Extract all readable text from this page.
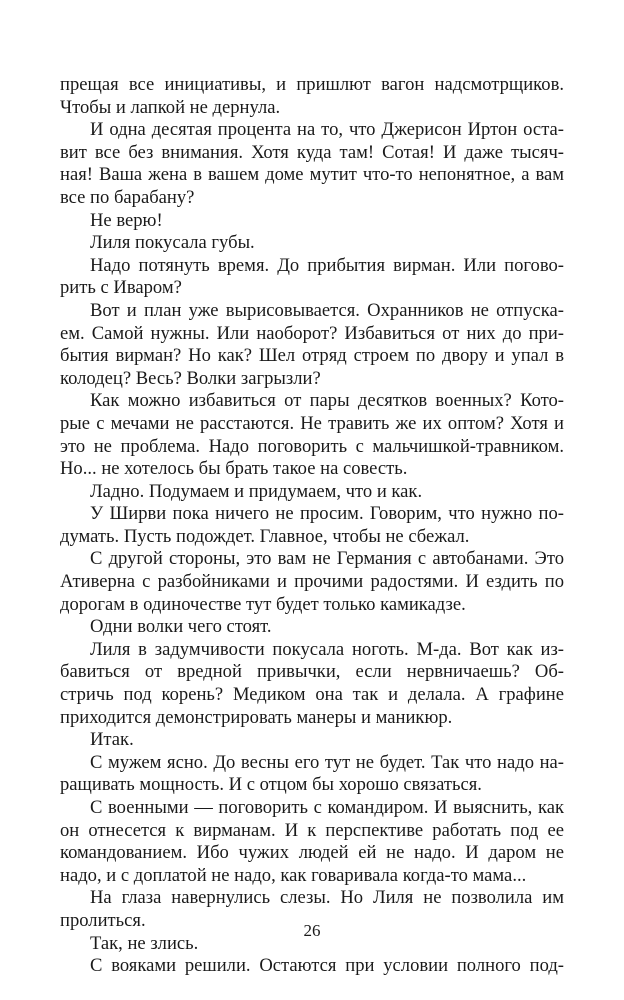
прещая все инициативы, и пришлют вагон надсмотрщиков.
Чтобы и лапкой не дернула.
И одна десятая процента на то, что Джерисон Иртон оста-
вит все без внимания. Хотя куда там! Сотая! И даже тысяч-
ная! Ваша жена в вашем доме мутит что-то непонятное, а вам
все по барабану?
Не верю!
Лиля покусала губы.
Надо потянуть время. До прибытия вирман. Или погово-
рить с Иваром?
Вот и план уже вырисовывается. Охранников не отпуска-
ем. Самой нужны. Или наоборот? Избавиться от них до при-
бытия вирман? Но как? Шел отряд строем по двору и упал в
колодец? Весь? Волки загрызли?
Как можно избавиться от пары десятков военных? Кото-
рые с мечами не расстаются. Не травить же их оптом? Хотя и
это не проблема. Надо поговорить с мальчишкой-травником.
Но... не хотелось бы брать такое на совесть.
Ладно. Подумаем и придумаем, что и как.
У Ширви пока ничего не просим. Говорим, что нужно по-
думать. Пусть подождет. Главное, чтобы не сбежал.
С другой стороны, это вам не Германия с автобанами. Это
Ативерна с разбойниками и прочими радостями. И ездить по
дорогам в одиночестве тут будет только камикадзе.
Одни волки чего стоят.
Лиля в задумчивости покусала ноготь. М-да. Вот как из-
бавиться от вредной привычки, если нервничаешь? Об-
стричь под корень? Медиком она так и делала. А графине
приходится демонстрировать манеры и маникюр.
Итак.
С мужем ясно. До весны его тут не будет. Так что надо на-
ращивать мощность. И с отцом бы хорошо связаться.
С военными — поговорить с командиром. И выяснить, как
он отнесется к вирманам. И к перспективе работать под ее
командованием. Ибо чужих людей ей не надо. И даром не
надо, и с доплатой не надо, как говаривала когда-то мама...
На глаза навернулись слезы. Но Лиля не позволила им
пролиться.
Так, не злись.
С вояками решили. Остаются при условии полного под-
26
